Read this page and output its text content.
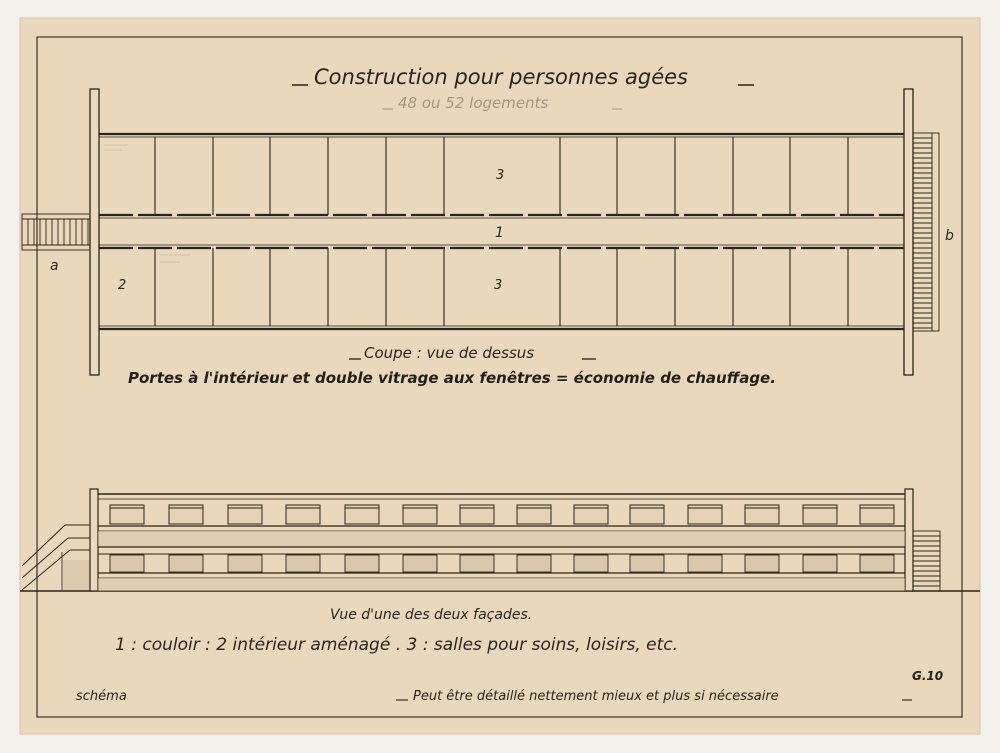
Construction pour personnes agées
48 ou 52 logements
3
1
2	3
a
b
Coupe : vue de dessus
Portes à l'intérieur et double vitrage aux fenêtres = économie de chauffage.
Vue d'une des deux façades.
1 : couloir : 2 intérieur aménagé . 3 : salles pour soins, loisirs, etc.
G.10
schéma	Peut être détaillé nettement mieux et plus si nécessaire
